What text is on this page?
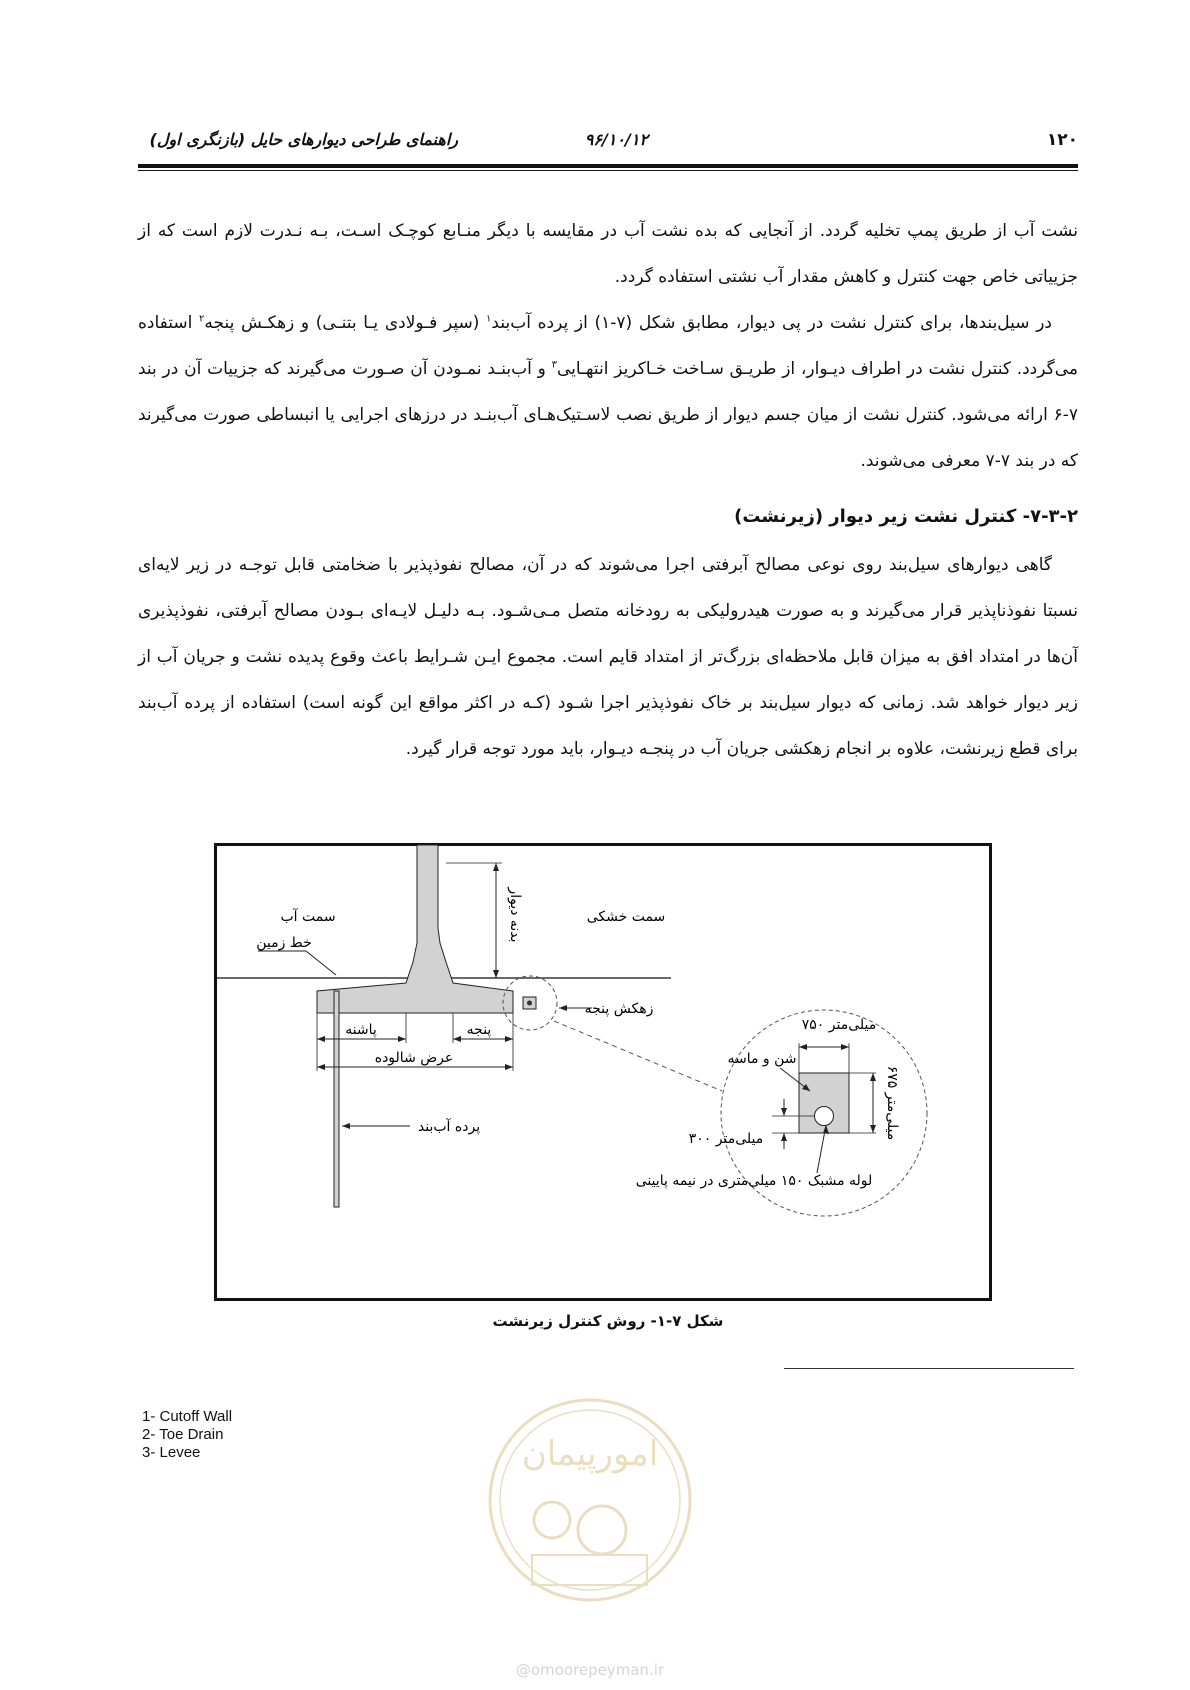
۱۲۰
راهنمای طراحی دیوارهای حایل (بازنگری اول)	۹۶/۱۰/۱۲

نشت آب از طریق پمپ تخلیه گردد. از آنجایی که بده نشت آب در مقایسه با دیگر منـابع کوچـک اسـت، بـه نـدرت لازم است که از جزییاتی خاص جهت کنترل و کاهش مقدار آب نشتی استفاده گردد.

در سیل‌بندها، برای کنترل نشت در پی دیوار، مطابق شکل (۷-۱) از پرده آب‌بند$^۱$ (سپر فـولادی یـا بتنـی) و زهکـش پنجه$^۲$ استفاده می‌گردد. کنترل نشت در اطراف دیـوار، از طریـق سـاخت خـاکریز انتهـایی$^۳$ و آب‌بنـد نمـودن آن صـورت می‌گیرند که جزییات آن در بند ۷-۶ ارائه می‌شود. کنترل نشت از میان جسم دیوار از طریق نصب لاسـتیک‌هـای آب‌بنـد در درزهای اجرایی یا انبساطی صورت می‌گیرند که در بند ۷-۷ معرفی می‌شوند.

۷-۳-۲- کنترل نشت زیر دیوار (زیرنشت)

گاهی دیوارهای سیل‌بند روی نوعی مصالح آبرفتی اجرا می‌شوند که در آن، مصالح نفوذپذیر با ضخامتی قابل توجـه در زیر لایه‌ای نسبتا نفوذناپذیر قرار می‌گیرند و به صورت هیدرولیکی به رودخانه متصل مـی‌شـود. بـه دلیـل لایـه‌ای بـودن مصالح آبرفتی، نفوذپذیری آن‌ها در امتداد افق به میزان قابل ملاحظه‌ای بزرگ‌تر از امتداد قایم است. مجموع ایـن شـرایط باعث وقوع پدیده نشت و جریان آب از زیر دیوار خواهد شد. زمانی که دیوار سیل‌بند بر خاک نفوذپذیر اجرا شـود (کـه در اکثر مواقع این گونه است) استفاده از پرده آب‌بند برای قطع زیرنشت، علاوه بر انجام زهکشی جریان آب در پنجـه دیـوار، باید مورد توجه قرار گیرد.

سمت آب	سمت خشکی
بدنه دیوار
خط زمین
زهکش پنجه
پاشنه	پنجه
عرض شالوده
پرده آب‌بند
۷۵۰ میلی‌متر
شن و ماسه
۶۷۵ میلی‌متر
۳۰۰ میلی‌متر
لوله مشبک ۱۵۰ میلی‌متری در نیمه پایینی
شکل ۷-۱- روش کنترل زیرنشت
1- Cutoff Wall
2- Toe Drain
3- Levee	امورپیمان
@omoorepeyman.ir
